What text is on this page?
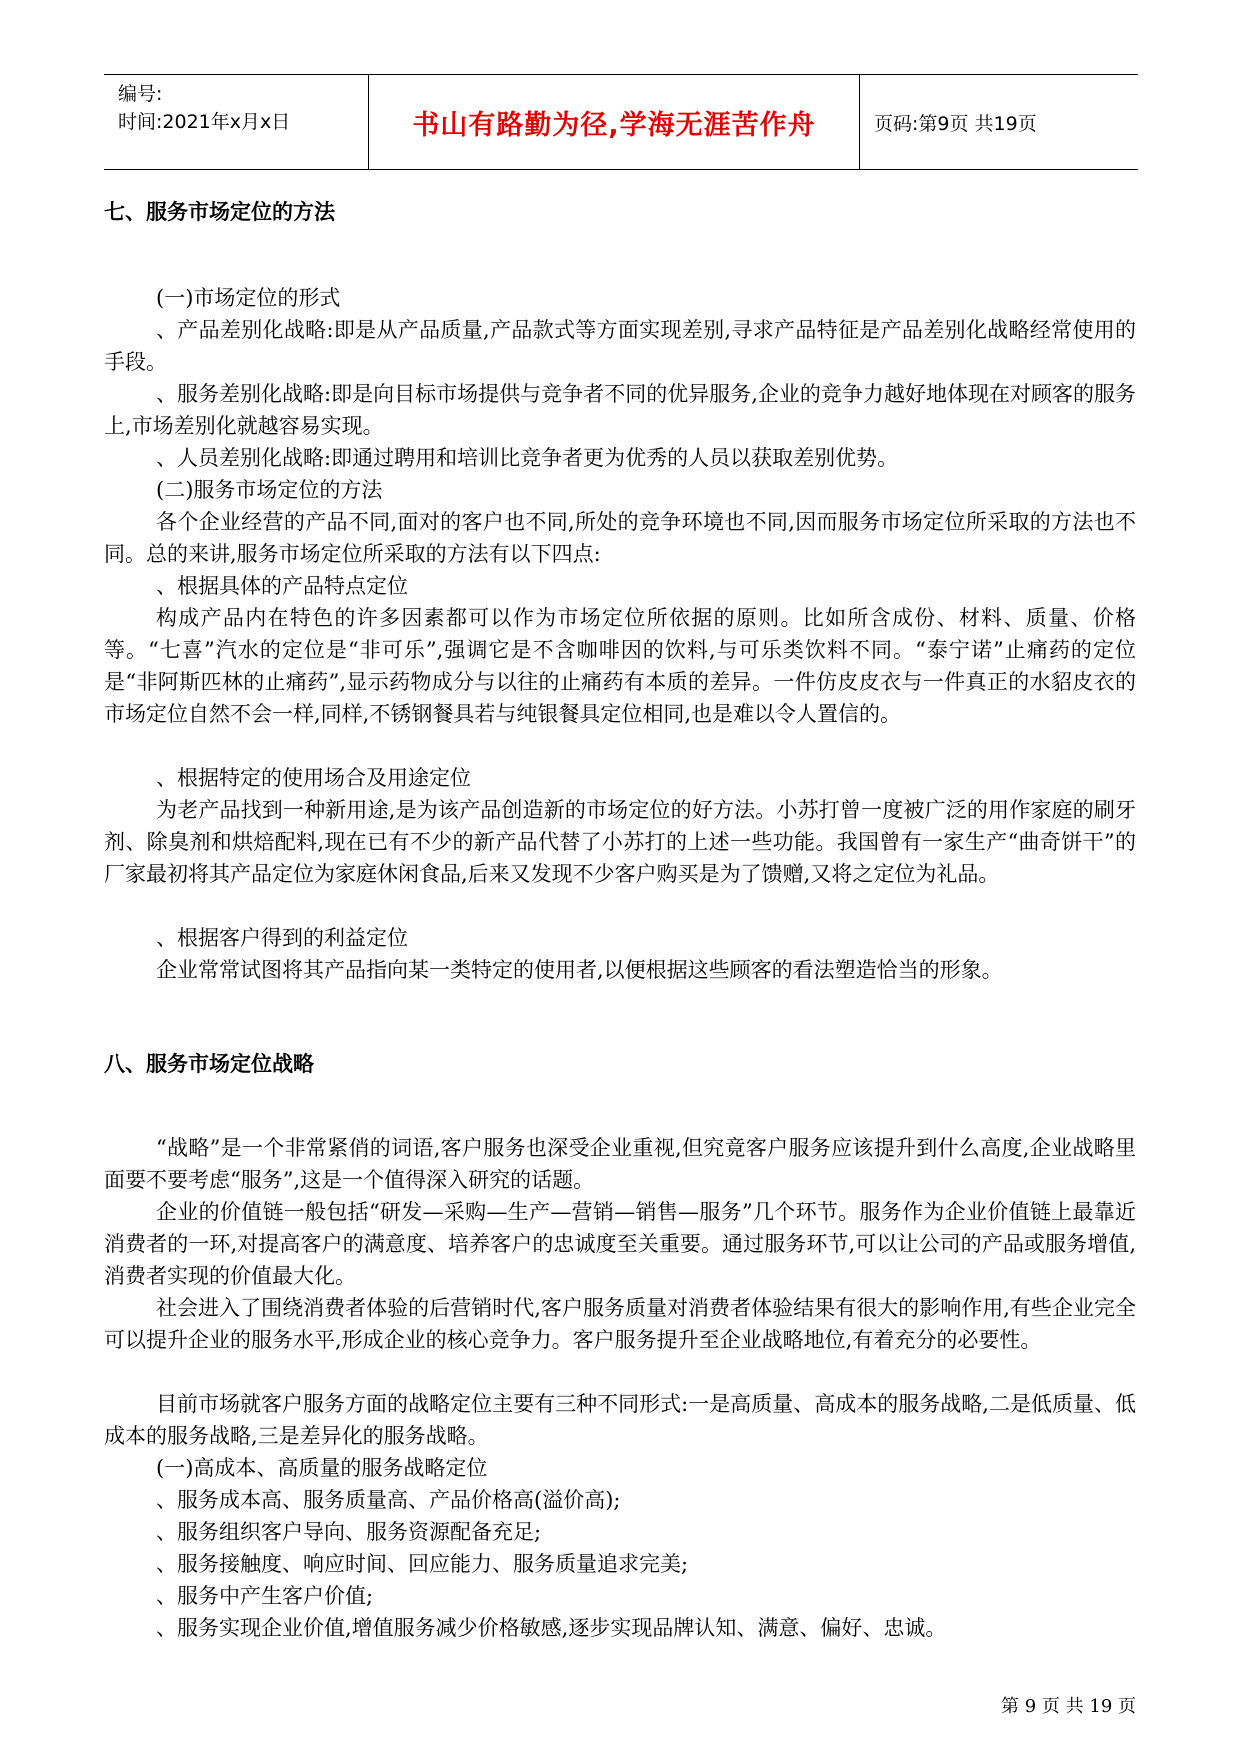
编号:
时间:2021年x月x日	书山有路勤为径,学海无涯苦作舟	页码:第9页 共19页
七、服务市场定位的方法

(一)市场定位的形式

、产品差别化战略:即是从产品质量,产品款式等方面实现差别,寻求产品特征是产品差别化战略经常使用的手段。

、服务差别化战略:即是向目标市场提供与竞争者不同的优异服务,企业的竞争力越好地体现在对顾客的服务上,市场差别化就越容易实现。

、人员差别化战略:即通过聘用和培训比竞争者更为优秀的人员以获取差别优势。

(二)服务市场定位的方法

各个企业经营的产品不同,面对的客户也不同,所处的竞争环境也不同,因而服务市场定位所采取的方法也不同。总的来讲,服务市场定位所采取的方法有以下四点:

、根据具体的产品特点定位

构成产品内在特色的许多因素都可以作为市场定位所依据的原则。比如所含成份、材料、质量、价格等。“七喜”汽水的定位是“非可乐”,强调它是不含咖啡因的饮料,与可乐类饮料不同。“泰宁诺”止痛药的定位是“非阿斯匹林的止痛药”,显示药物成分与以往的止痛药有本质的差异。一件仿皮皮衣与一件真正的水貂皮衣的市场定位自然不会一样,同样,不锈钢餐具若与纯银餐具定位相同,也是难以令人置信的。

、根据特定的使用场合及用途定位

为老产品找到一种新用途,是为该产品创造新的市场定位的好方法。小苏打曾一度被广泛的用作家庭的刷牙剂、除臭剂和烘焙配料,现在已有不少的新产品代替了小苏打的上述一些功能。我国曾有一家生产“曲奇饼干”的厂家最初将其产品定位为家庭休闲食品,后来又发现不少客户购买是为了馈赠,又将之定位为礼品。

、根据客户得到的利益定位

企业常常试图将其产品指向某一类特定的使用者,以便根据这些顾客的看法塑造恰当的形象。

八、服务市场定位战略

“战略”是一个非常紧俏的词语,客户服务也深受企业重视,但究竟客户服务应该提升到什么高度,企业战略里面要不要考虑“服务”,这是一个值得深入研究的话题。

企业的价值链一般包括“研发—采购—生产—营销—销售—服务”几个环节。服务作为企业价值链上最靠近消费者的一环,对提高客户的满意度、培养客户的忠诚度至关重要。通过服务环节,可以让公司的产品或服务增值,消费者实现的价值最大化。

社会进入了围绕消费者体验的后营销时代,客户服务质量对消费者体验结果有很大的影响作用,有些企业完全可以提升企业的服务水平,形成企业的核心竞争力。客户服务提升至企业战略地位,有着充分的必要性。

目前市场就客户服务方面的战略定位主要有三种不同形式:一是高质量、高成本的服务战略,二是低质量、低成本的服务战略,三是差异化的服务战略。

(一)高成本、高质量的服务战略定位

、服务成本高、服务质量高、产品价格高(溢价高);

、服务组织客户导向、服务资源配备充足;

、服务接触度、响应时间、回应能力、服务质量追求完美;

、服务中产生客户价值;

、服务实现企业价值,增值服务减少价格敏感,逐步实现品牌认知、满意、偏好、忠诚。

第 9 页 共 19 页
